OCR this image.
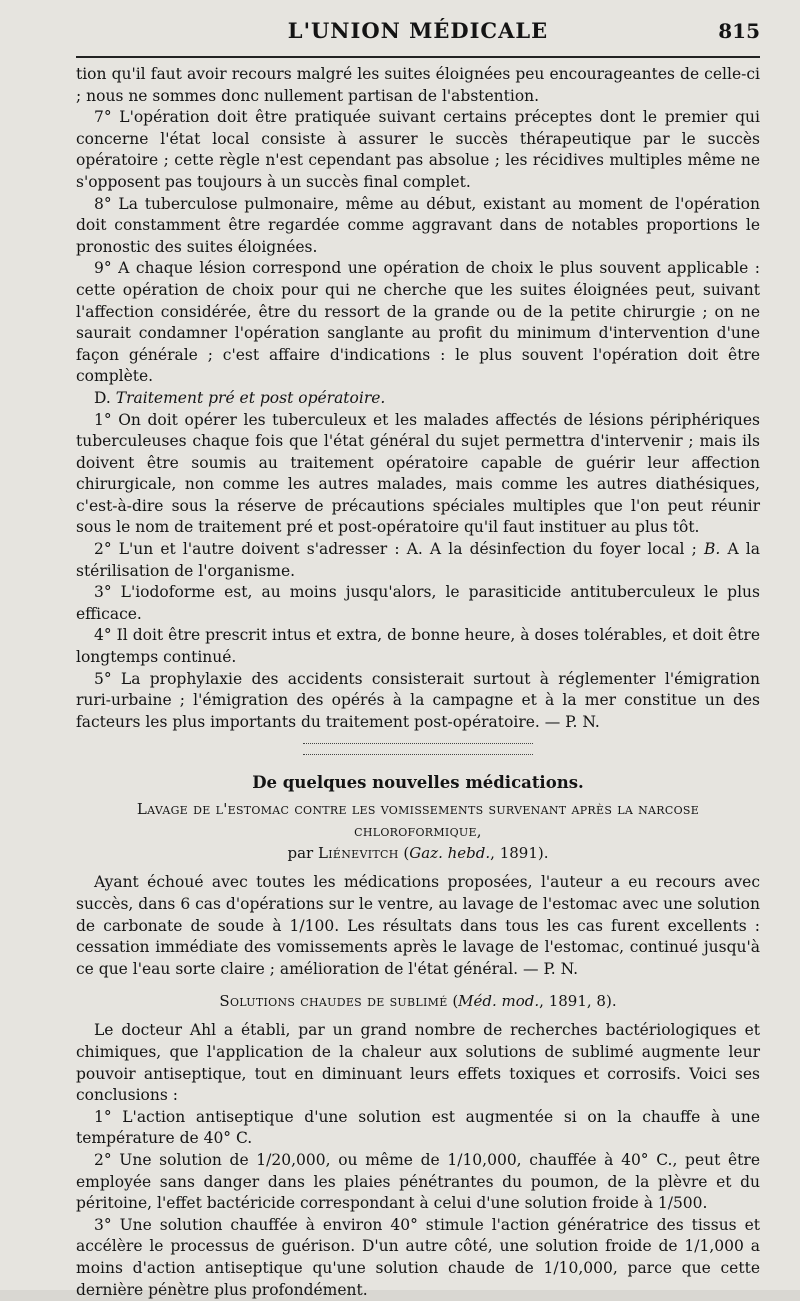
L'UNION MÉDICALE	815

tion qu'il faut avoir recours malgré les suites éloignées peu encourageantes de celle-ci ; nous ne sommes donc nullement partisan de l'abstention.

7° L'opération doit être pratiquée suivant certains préceptes dont le premier qui concerne l'état local consiste à assurer le succès thérapeutique par le succès opératoire ; cette règle n'est cependant pas absolue ; les récidives multiples même ne s'opposent pas toujours à un succès final complet.

8° La tuberculose pulmonaire, même au début, existant au moment de l'opération doit constamment être regardée comme aggravant dans de notables proportions le pronostic des suites éloignées.

9° A chaque lésion correspond une opération de choix le plus souvent applicable : cette opération de choix pour qui ne cherche que les suites éloignées peut, suivant l'affection considérée, être du ressort de la grande ou de la petite chirurgie ; on ne saurait condamner l'opération sanglante au profit du minimum d'intervention d'une façon générale ; c'est affaire d'indications : le plus souvent l'opération doit être complète.

D. Traitement pré et post opératoire.

1° On doit opérer les tuberculeux et les malades affectés de lésions périphériques tuberculeuses chaque fois que l'état général du sujet permettra d'intervenir ; mais ils doivent être soumis au traitement opératoire capable de guérir leur affection chirurgicale, non comme les autres malades, mais comme les autres diathésiques, c'est-à-dire sous la réserve de précautions spéciales multiples que l'on peut réunir sous le nom de traitement pré et post-opératoire qu'il faut instituer au plus tôt.

2° L'un et l'autre doivent s'adresser : A. A la désinfection du foyer local ; B. A la stérilisation de l'organisme.

3° L'iodoforme est, au moins jusqu'alors, le parasiticide antituberculeux le plus efficace.

4° Il doit être prescrit intus et extra, de bonne heure, à doses tolérables, et doit être longtemps continué.

5° La prophylaxie des accidents consisterait surtout à réglementer l'émigration ruri-urbaine ; l'émigration des opérés à la campagne et à la mer constitue un des facteurs les plus importants du traitement post-opératoire. — P. N.

De quelques nouvelles médications.
Lavage de l'estomac contre les vomissements survenant après la narcose chloroformique,
par Liénevitch (Gaz. hebd., 1891).

Ayant échoué avec toutes les médications proposées, l'auteur a eu recours avec succès, dans 6 cas d'opérations sur le ventre, au lavage de l'estomac avec une solution de carbonate de soude à 1/100. Les résultats dans tous les cas furent excellents : cessation immédiate des vomissements après le lavage de l'estomac, continué jusqu'à ce que l'eau sorte claire ; amélioration de l'état général. — P. N.

Solutions chaudes de sublimé (Méd. mod., 1891, 8).

Le docteur Ahl a établi, par un grand nombre de recherches bactériologiques et chimiques, que l'application de la chaleur aux solutions de sublimé augmente leur pouvoir antiseptique, tout en diminuant leurs effets toxiques et corrosifs. Voici ses conclusions :

1° L'action antiseptique d'une solution est augmentée si on la chauffe à une température de 40° C.

2° Une solution de 1/20,000, ou même de 1/10,000, chauffée à 40° C., peut être employée sans danger dans les plaies pénétrantes du poumon, de la plèvre et du péritoine, l'effet bactéricide correspondant à celui d'une solution froide à 1/500.

3° Une solution chauffée à environ 40° stimule l'action génératrice des tissus et accélère le processus de guérison. D'un autre côté, une solution froide de 1/1,000 a moins d'action antiseptique qu'une solution chaude de 1/10,000, parce que cette dernière pénètre plus profondément.
